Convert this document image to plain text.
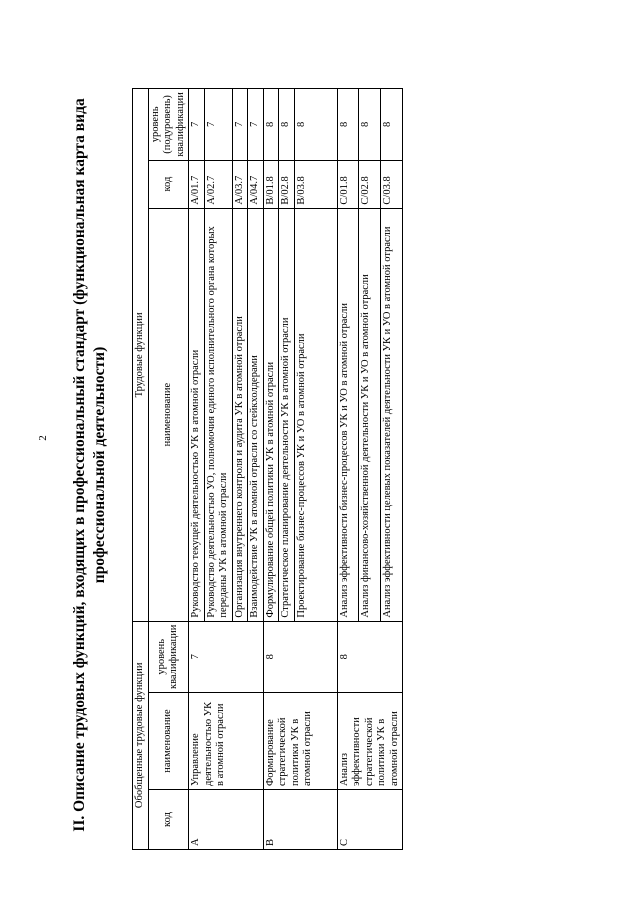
2 II. Описание трудовых функций, входящих в профессиональный стандарт (функциональная карта вида профессиональной деятельности)
Обобщенные трудовые функции			Трудовые функции		
код	наименование	уровень квалификации	наименование	код	уровень (подуровень) квалификации
A	Управление деятельностью УК в атомной отрасли	7	Руководство текущей деятельностью УК в атомной отрасли	A/01.7	7
			Руководство деятельностью УО, полномочия единого исполнительного органа которых переданы УК в атомной отрасли	A/02.7	7
			Организация внутреннего контроля и аудита УК в атомной отрасли	A/03.7	7
			Взаимодействие УК в атомной отрасли со стейкхолдерами	A/04.7	7
B	Формирование стратегической политики УК в атомной отрасли	8	Формулирование общей политики УК в атомной отрасли	B/01.8	8
			Стратегическое планирование деятельности УК в атомной отрасли	B/02.8	8
			Проектирование бизнес-процессов УК и УО в атомной отрасли	B/03.8	8
C	Анализ эффективности стратегической политики УК в атомной отрасли	8	Анализ эффективности бизнес-процессов УК и УО в атомной отрасли	C/01.8	8
			Анализ финансово-хозяйственной деятельности УК и УО в атомной отрасли	C/02.8	8
			Анализ эффективности целевых показателей деятельности УК и УО в атомной отрасли	C/03.8	8
